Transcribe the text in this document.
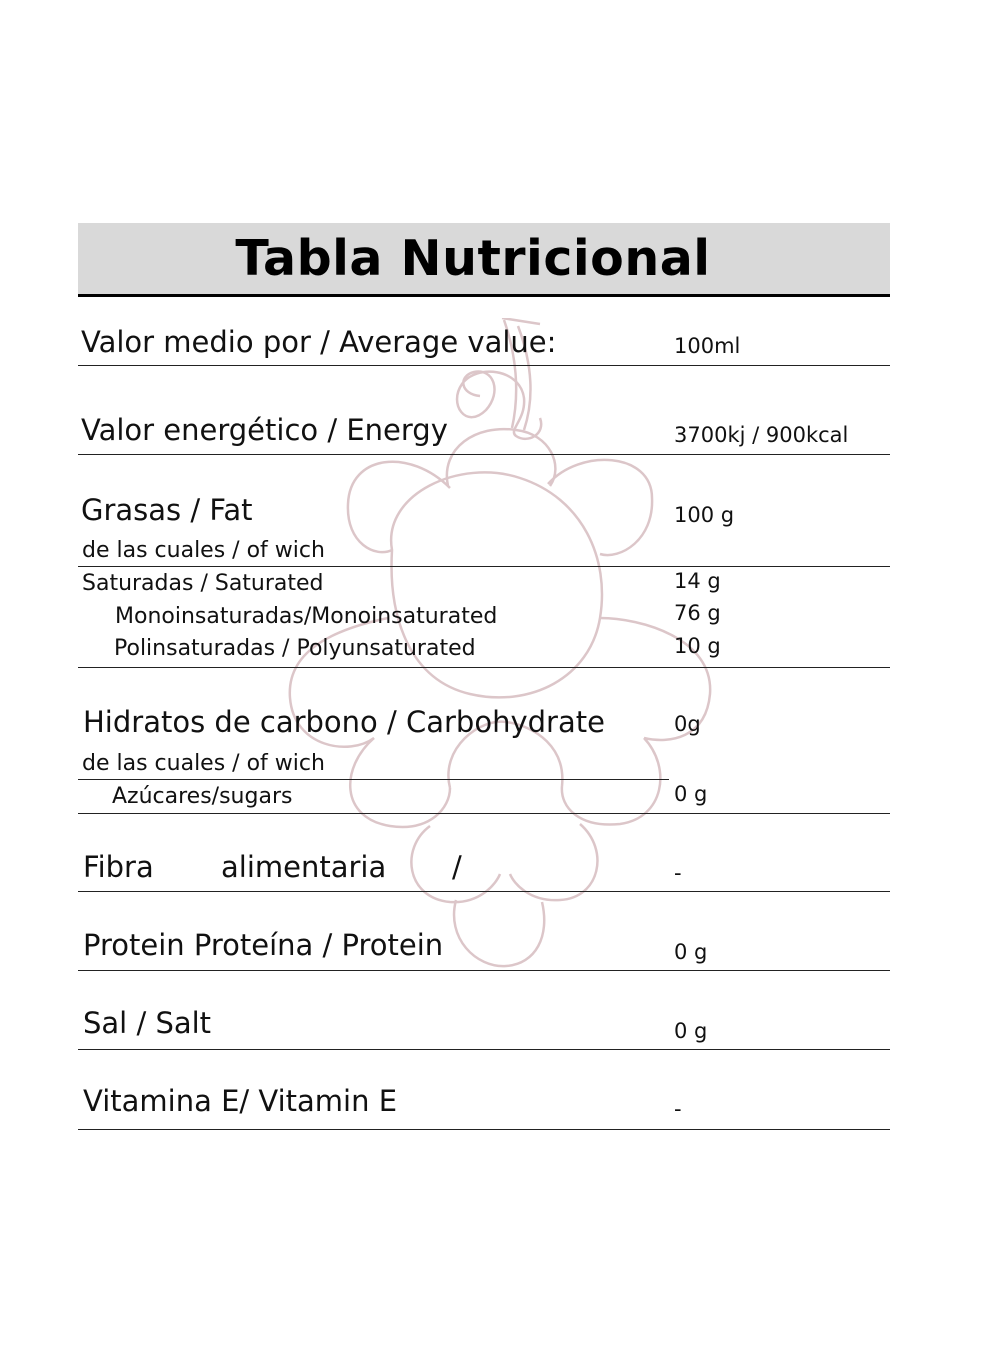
Tabla Nutricional
Valor medio por / Average value:	100ml
Valor energético / Energy	3700kj / 900kcal
Grasas / Fat	100 g
de las cuales / of wich
Saturadas / Saturated	14 g
Monoinsaturadas/Monoinsaturated	76 g
Polinsaturadas / Polyunsaturated	10 g
Hidratos de carbono / Carbohydrate	0g
de las cuales / of wich
Azúcares/sugars	0 g
Fibra alimentaria /	-
Protein Proteína / Protein	0 g
Sal / Salt	0 g
Vitamina E/ Vitamin E	-
